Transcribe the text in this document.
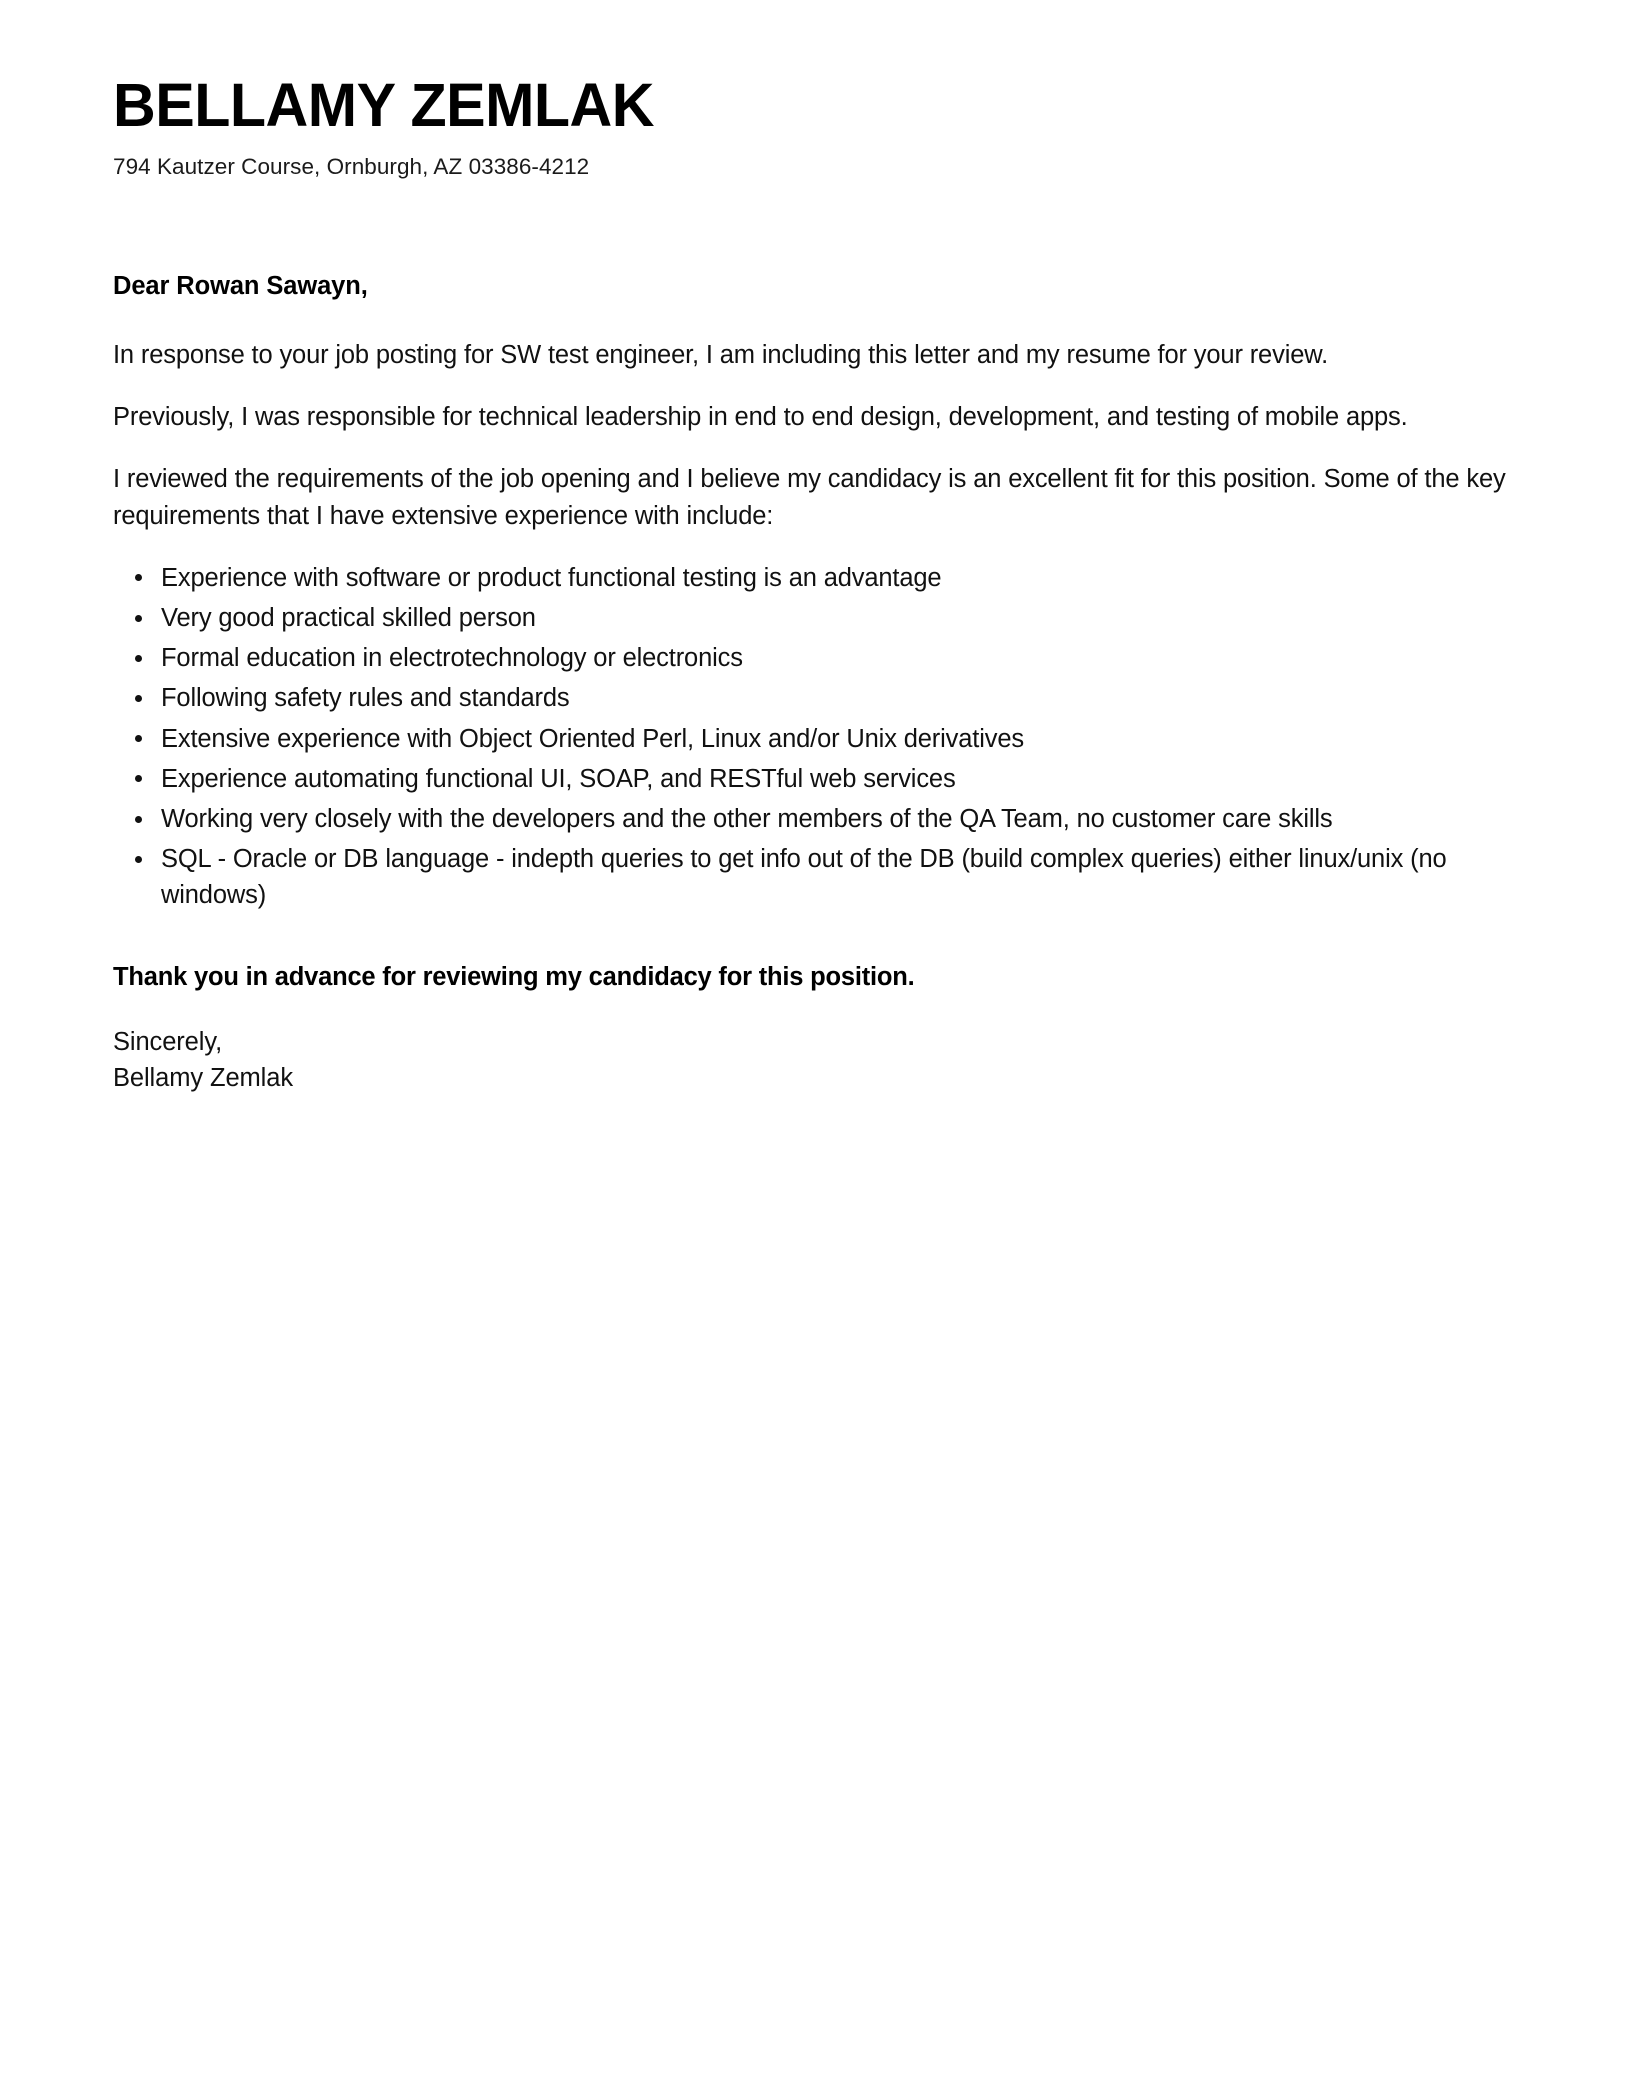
BELLAMY ZEMLAK
794 Kautzer Course, Ornburgh, AZ 03386-4212

Dear Rowan Sawayn,

In response to your job posting for SW test engineer, I am including this letter and my resume for your review.

Previously, I was responsible for technical leadership in end to end design, development, and testing of mobile apps.

I reviewed the requirements of the job opening and I believe my candidacy is an excellent fit for this position. Some of the key requirements that I have extensive experience with include:

Experience with software or product functional testing is an advantage
Very good practical skilled person
Formal education in electrotechnology or electronics
Following safety rules and standards
Extensive experience with Object Oriented Perl, Linux and/or Unix derivatives
Experience automating functional UI, SOAP, and RESTful web services
Working very closely with the developers and the other members of the QA Team, no customer care skills
SQL - Oracle or DB language - indepth queries to get info out of the DB (build complex queries) either linux/unix (no windows)

Thank you in advance for reviewing my candidacy for this position.

Sincerely,
Bellamy Zemlak
